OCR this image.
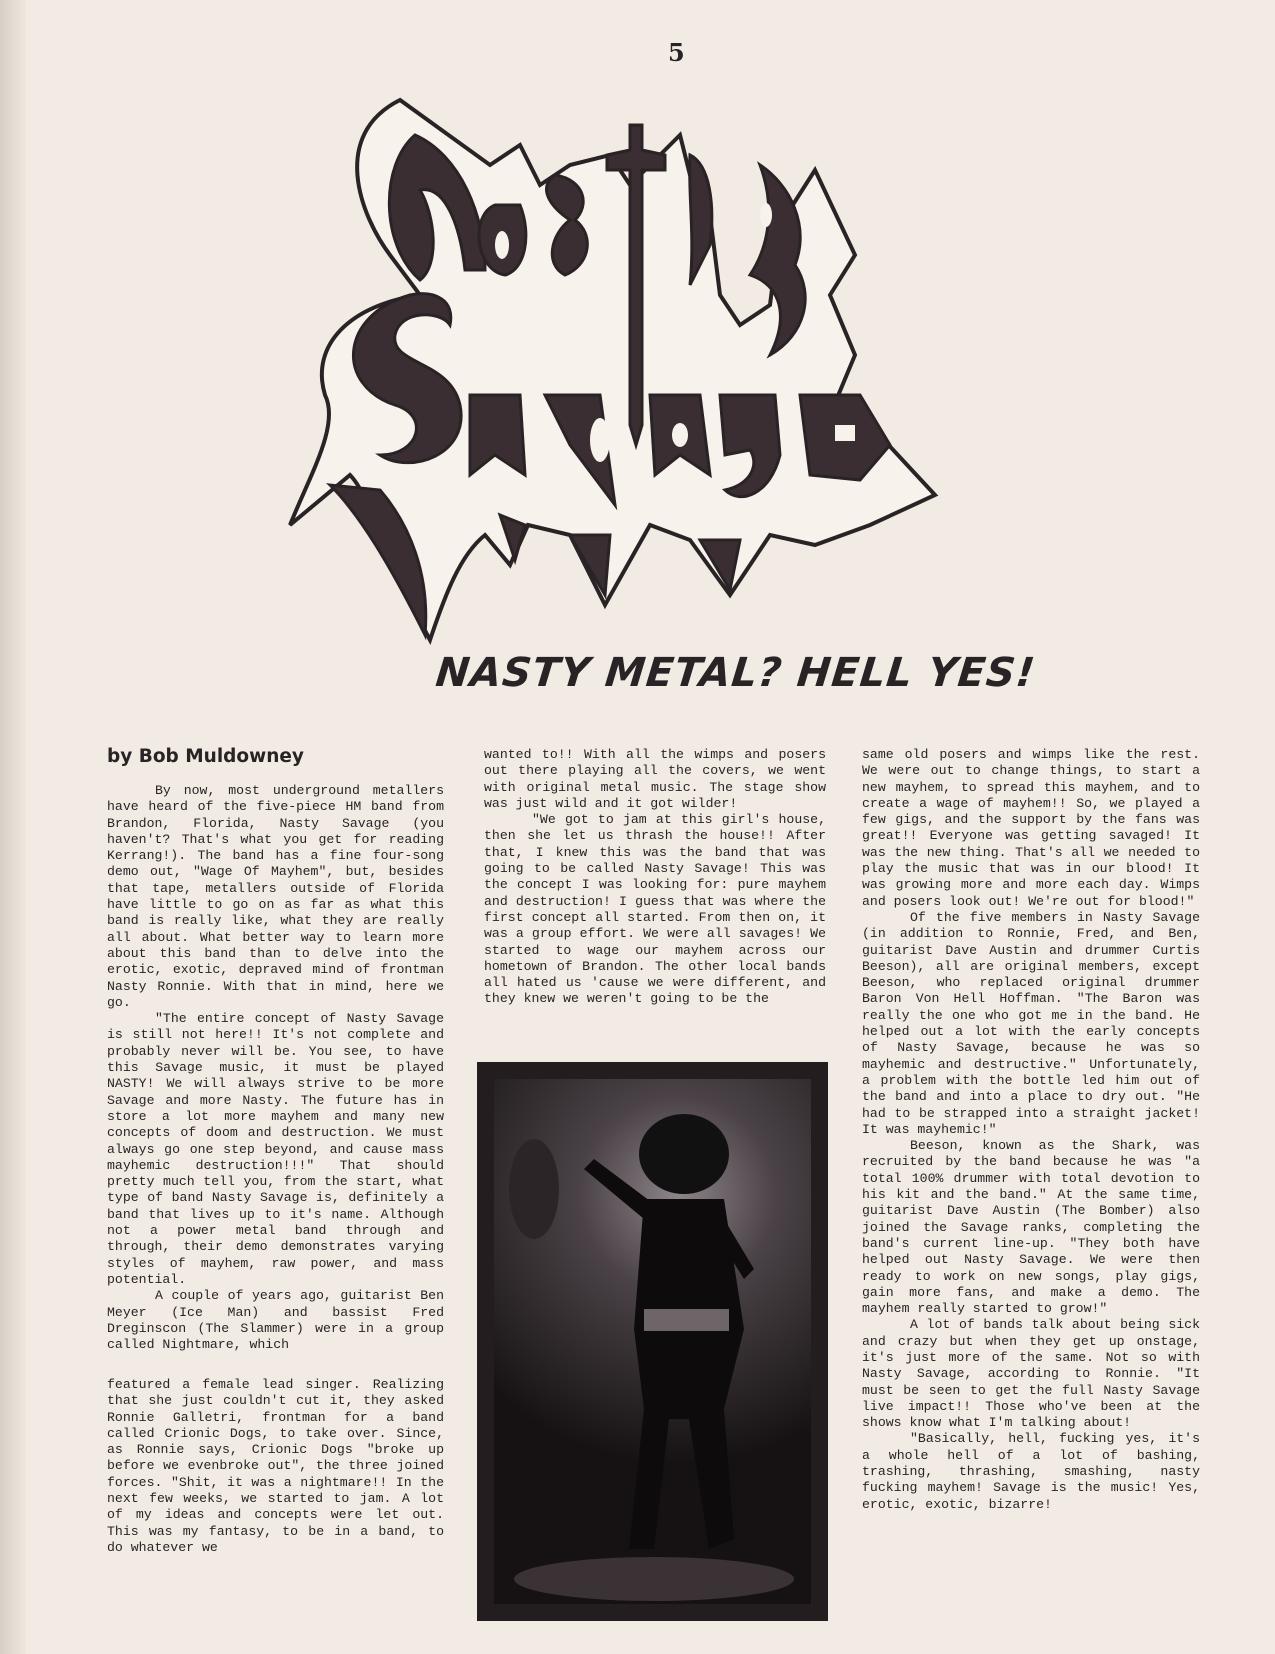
5
NASTY METAL? HELL YES!
by Bob Muldowney

By now, most underground metallers have heard of the five-piece HM band from Brandon, Florida, Nasty Savage (you haven't? That's what you get for reading Kerrang!). The band has a fine four-song demo out, "Wage Of Mayhem", but, besides that tape, metallers outside of Florida have little to go on as far as what this band is really like, what they are really all about. What better way to learn more about this band than to delve into the erotic, exotic, depraved mind of frontman Nasty Ronnie. With that in mind, here we go.

"The entire concept of Nasty Savage is still not here!! It's not complete and probably never will be. You see, to have this Savage music, it must be played NASTY! We will always strive to be more Savage and more Nasty. The future has in store a lot more mayhem and many new concepts of doom and destruction. We must always go one step beyond, and cause mass mayhemic destruction!!!" That should pretty much tell you, from the start, what type of band Nasty Savage is, definitely a band that lives up to it's name. Although not a power metal band through and through, their demo demonstrates varying styles of mayhem, raw power, and mass potential.

A couple of years ago, guitarist Ben Meyer (Ice Man) and bassist Fred Dreginscon (The Slammer) were in a group called Nightmare, which

featured a female lead singer. Realizing that she just couldn't cut it, they asked Ronnie Galletri, frontman for a band called Crionic Dogs, to take over. Since, as Ronnie says, Crionic Dogs "broke up before we evenbroke out", the three joined forces. "Shit, it was a nightmare!! In the next few weeks, we started to jam. A lot of my ideas and concepts were let out. This was my fantasy, to be in a band, to do whatever we

wanted to!! With all the wimps and posers out there playing all the covers, we went with original metal music. The stage show was just wild and it got wilder!

"We got to jam at this girl's house, then she let us thrash the house!! After that, I knew this was the band that was going to be called Nasty Savage! This was the concept I was looking for: pure mayhem and destruction! I guess that was where the first concept all started. From then on, it was a group effort. We were all savages! We started to wage our mayhem across our hometown of Brandon. The other local bands all hated us 'cause we were different, and they knew we weren't going to be the

same old posers and wimps like the rest. We were out to change things, to start a new mayhem, to spread this mayhem, and to create a wage of mayhem!! So, we played a few gigs, and the support by the fans was great!! Everyone was getting savaged! It was the new thing. That's all we needed to play the music that was in our blood! It was growing more and more each day. Wimps and posers look out! We're out for blood!"

Of the five members in Nasty Savage (in addition to Ronnie, Fred, and Ben, guitarist Dave Austin and drummer Curtis Beeson), all are original members, except Beeson, who replaced original drummer Baron Von Hell Hoffman. "The Baron was really the one who got me in the band. He helped out a lot with the early concepts of Nasty Savage, because he was so mayhemic and destructive." Unfortunately, a problem with the bottle led him out of the band and into a place to dry out. "He had to be strapped into a straight jacket! It was mayhemic!"

Beeson, known as the Shark, was recruited by the band because he was "a total 100% drummer with total devotion to his kit and the band." At the same time, guitarist Dave Austin (The Bomber) also joined the Savage ranks, completing the band's current line-up. "They both have helped out Nasty Savage. We were then ready to work on new songs, play gigs, gain more fans, and make a demo. The mayhem really started to grow!"

A lot of bands talk about being sick and crazy but when they get up onstage, it's just more of the same. Not so with Nasty Savage, according to Ronnie. "It must be seen to get the full Nasty Savage live impact!! Those who've been at the shows know what I'm talking about!

"Basically, hell, fucking yes, it's a whole hell of a lot of bashing, trashing, thrashing, smashing, nasty fucking mayhem! Savage is the music! Yes, erotic, exotic, bizarre!
